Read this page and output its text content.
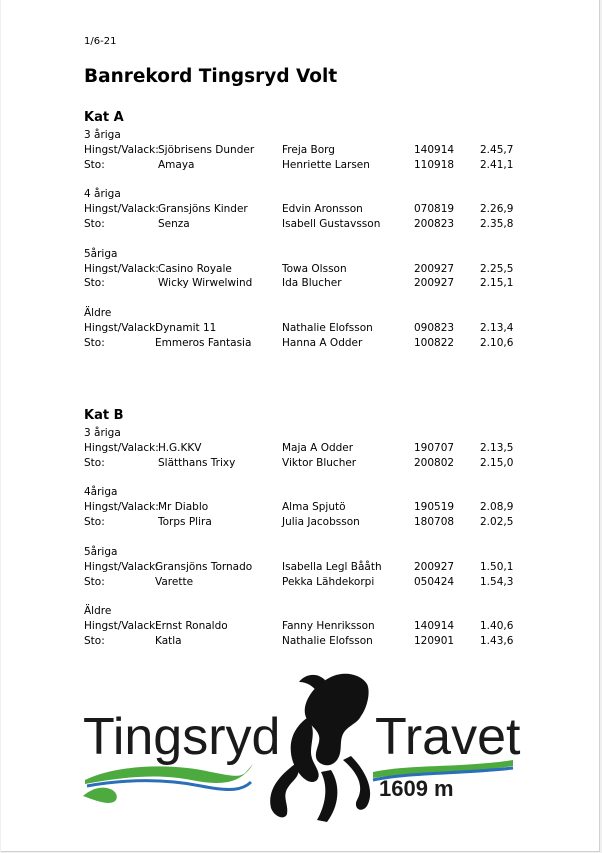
1/6-21
Banrekord Tingsryd Volt
Kat A
3 åriga
Hingst/Valack: Sjöbrisens Dunder	Freja Borg	140914 2.45,7
Sto:	Amaya	Henriette Larsen	110918 2.41,1
4 åriga
Hingst/Valack: Gransjöns Kinder	Edvin Aronsson	070819 2.26,9
Sto:	Senza	Isabell Gustavsson	200823 2.35,8
5åriga
Hingst/Valack: Casino Royale	Towa Olsson	200927 2.25,5
Sto:	Wicky Wirwelwind	Ida Blucher	200927 2.15,1
Äldre
Hingst/Valack:
Dynamit 11	Nathalie Elofsson	090823 2.13,4
Sto:	Emmeros Fantasia	Hanna A Odder	100822 2.10,6
Kat B
3 åriga
Hingst/Valack: H.G.KKV	Maja A Odder	190707 2.13,5
Sto:	Slätthans Trixy	Viktor Blucher	200802 2.15,0
4åriga
Hingst/Valack: Mr Diablo	Alma Spjutö	190519 2.08,9
Sto:	Torps Plira	Julia Jacobsson	180708 2.02,5
5åriga
Hingst/Valack:
Gransjöns Tornado	Isabella Legl Bååth	200927 1.50,1
Sto:	Varette	Pekka Lähdekorpi	050424 1.54,3
Äldre
Hingst/Valack:
Ernst Ronaldo	Fanny Henriksson	140914 1.40,6
Sto:	Katla	Nathalie Elofsson	120901 1.43,6
Tingsryd Travet
1609 m
